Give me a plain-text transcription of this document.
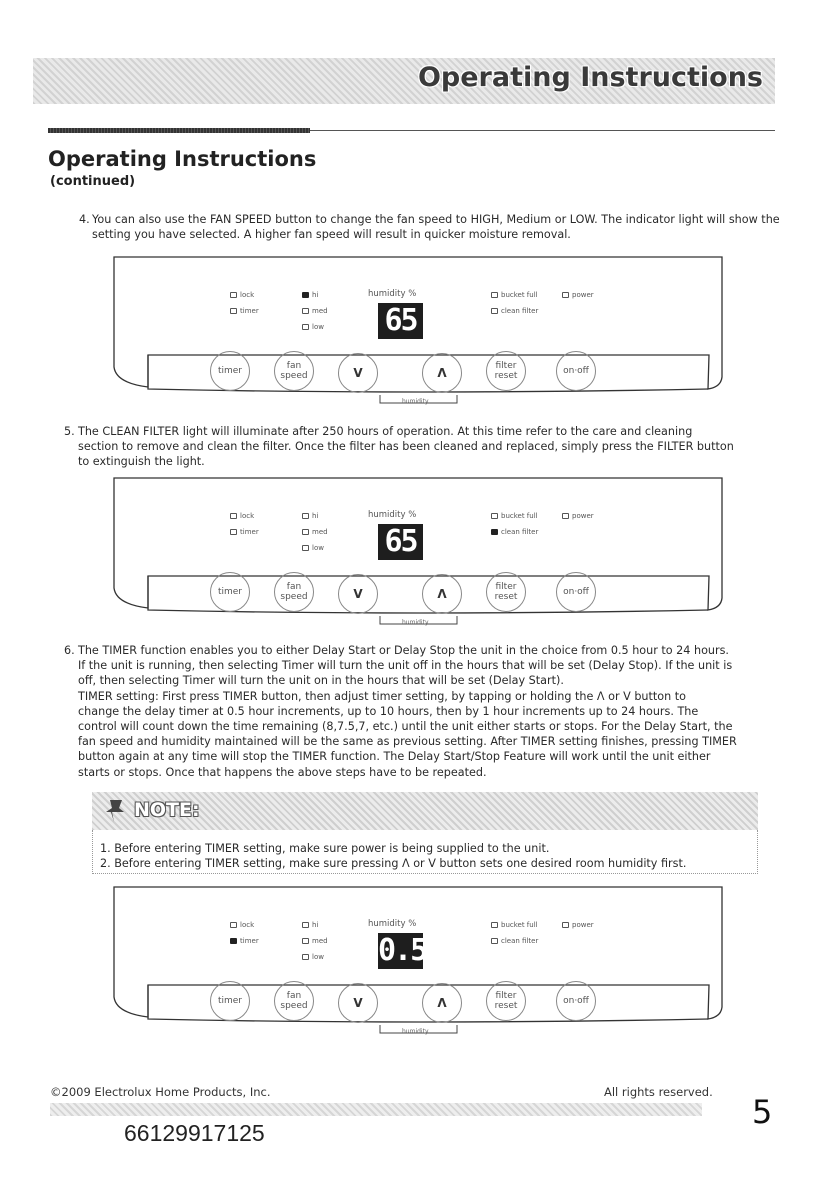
Operating Instructions
Operating Instructions
(continued)
4. You can also use the FAN SPEED button to change the fan speed to HIGH, Medium or LOW. The indicator light will show the
setting you have selected. A higher fan speed will result in quicker moisture removal.
lock
timer
hi
med
low
humidity %
65
bucket full
clean filter
power
timer	fan
speed	V	Λ	filter
reset	on·off
humidity
5. The CLEAN FILTER light will illuminate after 250 hours of operation. At this time refer to the care and cleaning
section to remove and clean the filter. Once the filter has been cleaned and replaced, simply press the FILTER button
to extinguish the light.
lock
timer
hi
med
low
humidity %
65
bucket full
clean filter
power
timer	fan
speed	V	Λ	filter
reset	on·off
humidity
6. The TIMER function enables you to either Delay Start or Delay Stop the unit in the choice from 0.5 hour to 24 hours.
If the unit is running, then selecting Timer will turn the unit off in the hours that will be set (Delay Stop). If the unit is
off, then selecting Timer will turn the unit on in the hours that will be set (Delay Start).
TIMER setting: First press TIMER button, then adjust timer setting, by tapping or holding the Λ or V button to
change the delay timer at 0.5 hour increments, up to 10 hours, then by 1 hour increments up to 24 hours. The
control will count down the time remaining (8,7.5,7, etc.) until the unit either starts or stops. For the Delay Start, the
fan speed and humidity maintained will be the same as previous setting. After TIMER setting finishes, pressing TIMER
button again at any time will stop the TIMER function. The Delay Start/Stop Feature will work until the unit either
starts or stops. Once that happens the above steps have to be repeated.
NOTE:
1. Before entering TIMER setting, make sure power is being supplied to the unit.
2. Before entering TIMER setting, make sure pressing Λ or V button sets one desired room humidity first.
lock
timer
hi
med
low
humidity %
0.5
bucket full
clean filter
power
timer	fan
speed	V	Λ	filter
reset	on·off
humidity
©2009 Electrolux Home Products, Inc.	All rights reserved.
5
66129917125
